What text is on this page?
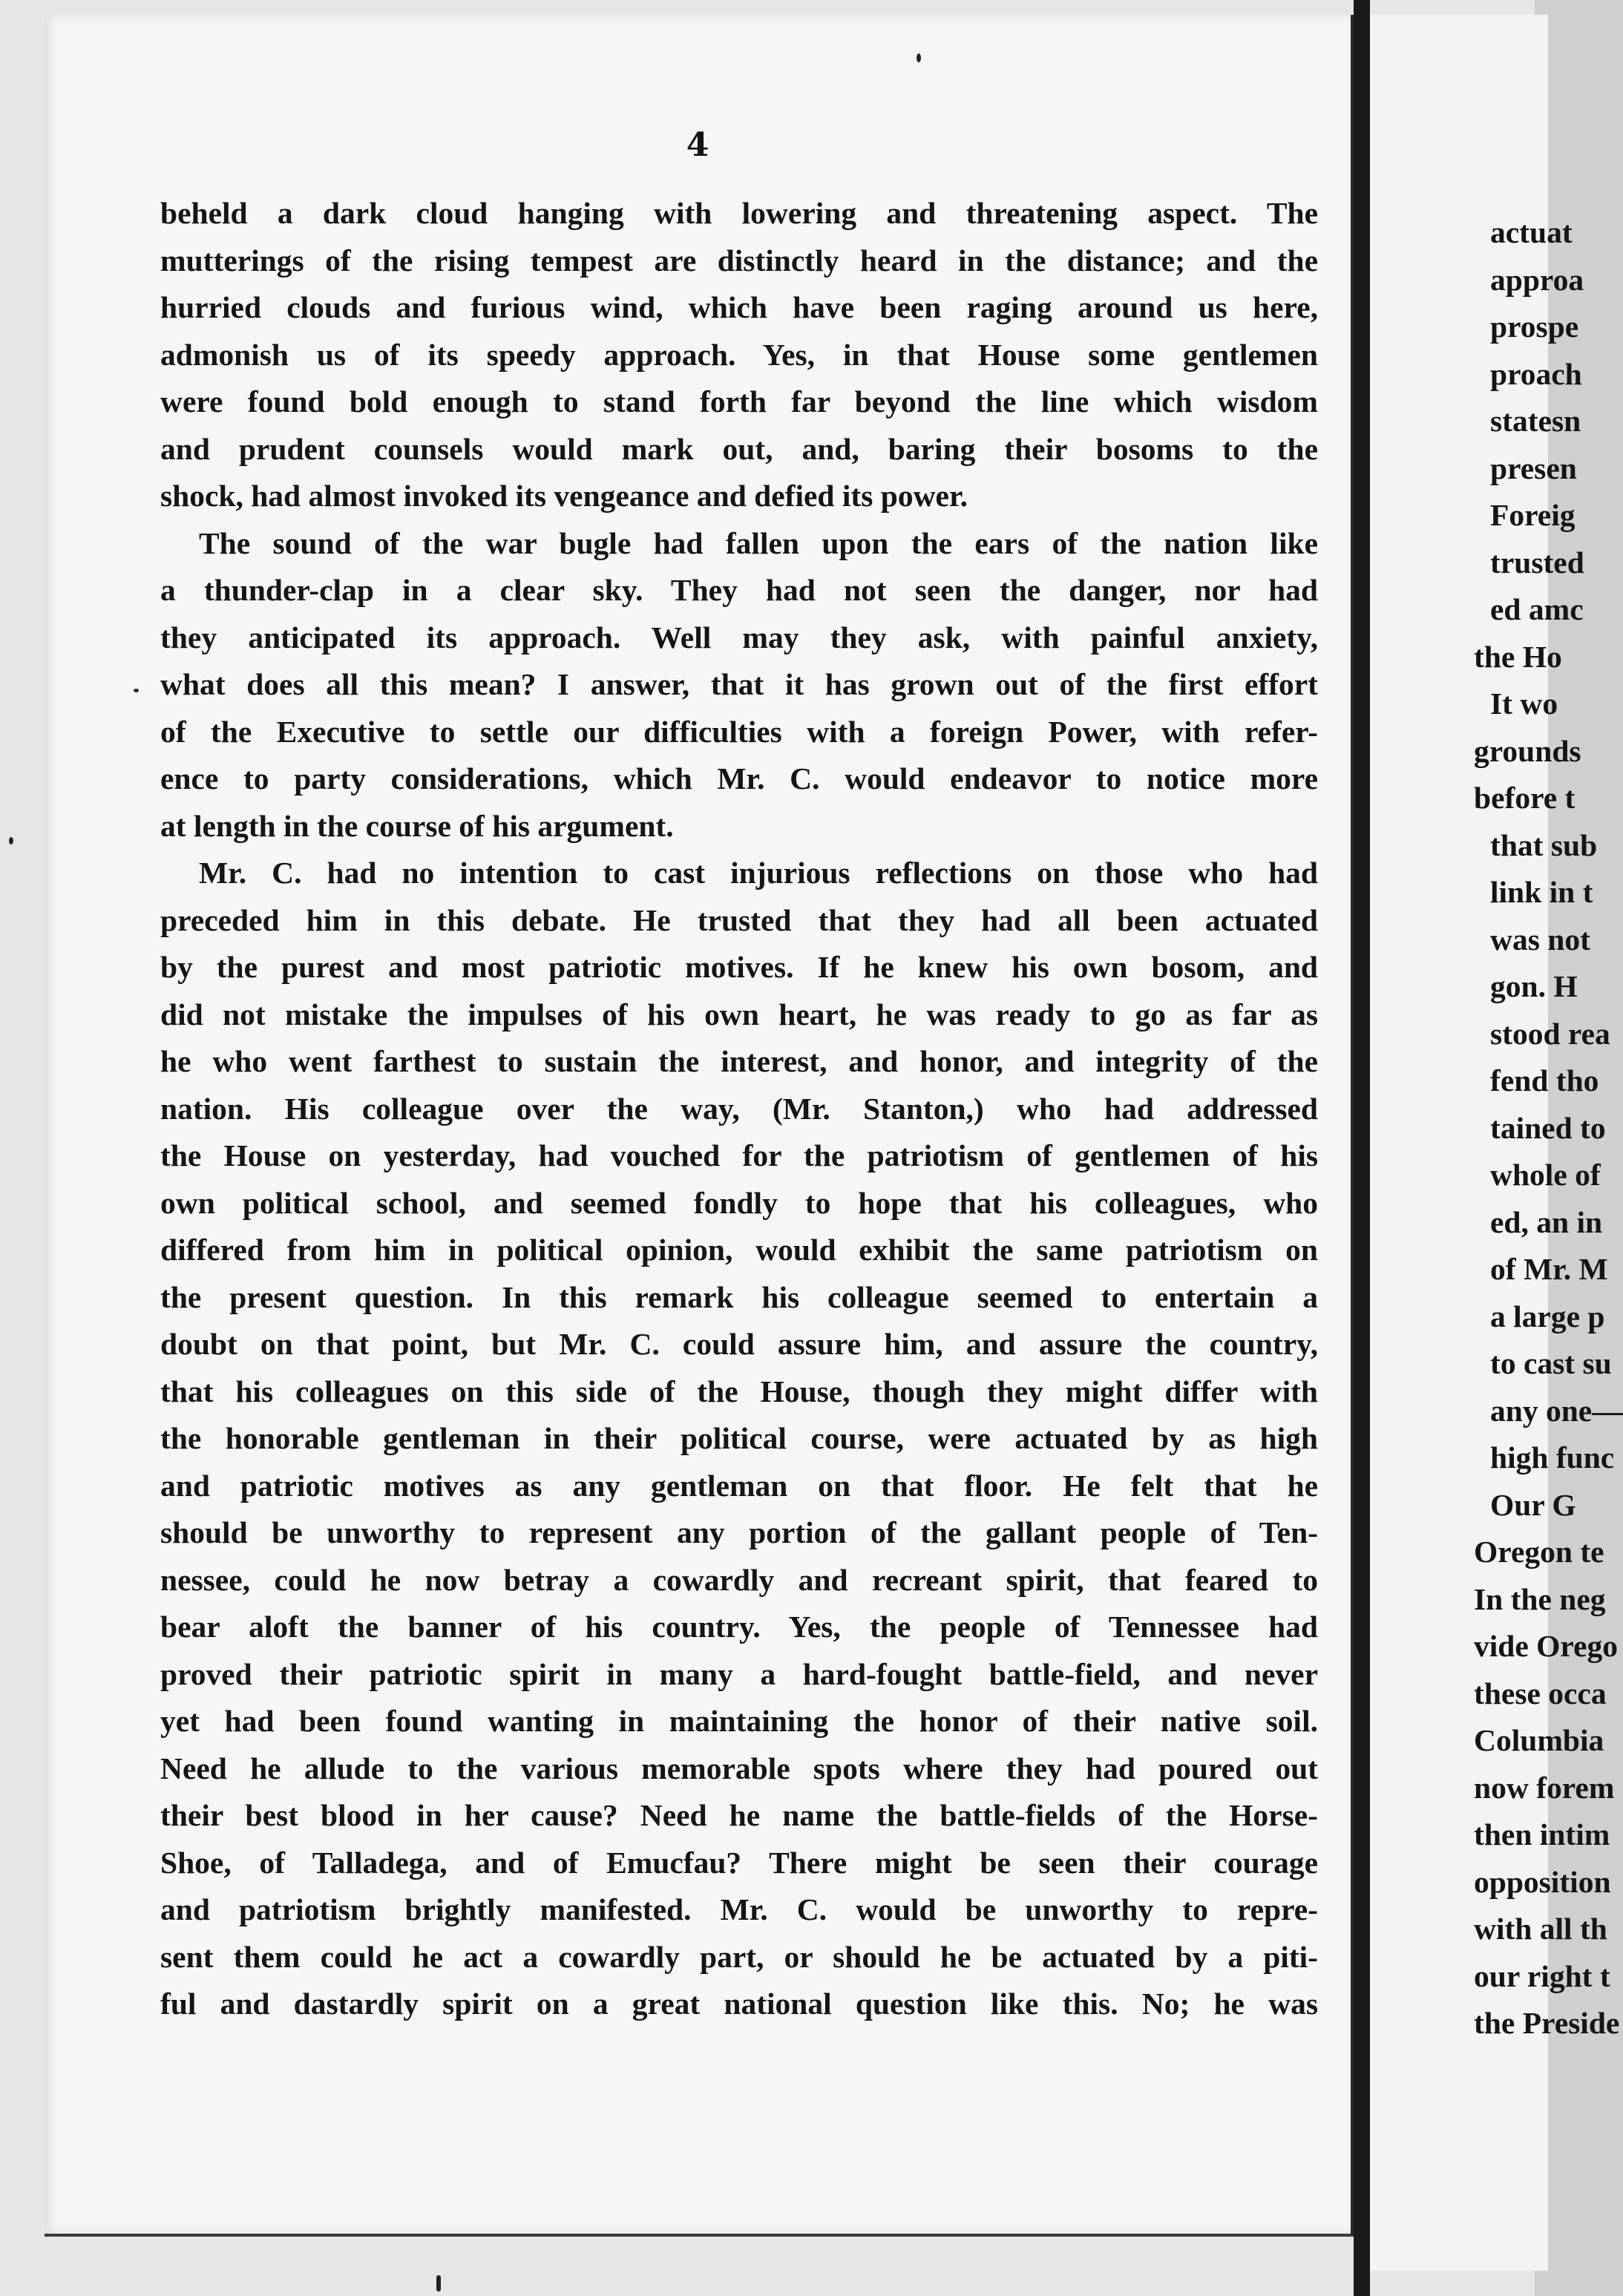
4
beheld a dark cloud hanging with lowering and threatening aspect. The
mutterings of the rising tempest are distinctly heard in the distance; and the
hurried clouds and furious wind, which have been raging around us here,
admonish us of its speedy approach. Yes, in that House some gentlemen
were found bold enough to stand forth far beyond the line which wisdom
and prudent counsels would mark out, and, baring their bosoms to the
shock, had almost invoked its vengeance and defied its power.
The sound of the war bugle had fallen upon the ears of the nation like
a thunder-clap in a clear sky. They had not seen the danger, nor had
they anticipated its approach. Well may they ask, with painful anxiety,
what does all this mean? I answer, that it has grown out of the first effort
of the Executive to settle our difficulties with a foreign Power, with refer-
ence to party considerations, which Mr. C. would endeavor to notice more
at length in the course of his argument.
Mr. C. had no intention to cast injurious reflections on those who had
preceded him in this debate. He trusted that they had all been actuated
by the purest and most patriotic motives. If he knew his own bosom, and
did not mistake the impulses of his own heart, he was ready to go as far as
he who went farthest to sustain the interest, and honor, and integrity of the
nation. His colleague over the way, (Mr. Stanton,) who had addressed
the House on yesterday, had vouched for the patriotism of gentlemen of his
own political school, and seemed fondly to hope that his colleagues, who
differed from him in political opinion, would exhibit the same patriotism on
the present question. In this remark his colleague seemed to entertain a
doubt on that point, but Mr. C. could assure him, and assure the country,
that his colleagues on this side of the House, though they might differ with
the honorable gentleman in their political course, were actuated by as high
and patriotic motives as any gentleman on that floor. He felt that he
should be unworthy to represent any portion of the gallant people of Ten-
nessee, could he now betray a cowardly and recreant spirit, that feared to
bear aloft the banner of his country. Yes, the people of Tennessee had
proved their patriotic spirit in many a hard-fought battle-field, and never
yet had been found wanting in maintaining the honor of their native soil.
Need he allude to the various memorable spots where they had poured out
their best blood in her cause? Need he name the battle-fields of the Horse-
Shoe, of Talladega, and of Emucfau? There might be seen their courage
and patriotism brightly manifested. Mr. C. would be unworthy to repre-
sent them could he act a cowardly part, or should he be actuated by a piti-
ful and dastardly spirit on a great national question like this. No; he was
actuat
approa
prospe
proach
statesn
presen
Foreig
trusted
ed amc
the Ho
It wo
grounds
before t
that sub
link in t
was not
gon. H
stood rea
fend tho
tained to
whole of
ed, an in
of Mr. M
a large p
to cast su
any one—
high func
Our G
Oregon te
In the neg
vide Orego
these occa
Columbia
now forem
then intim
opposition
with all th
our right t
the Preside
